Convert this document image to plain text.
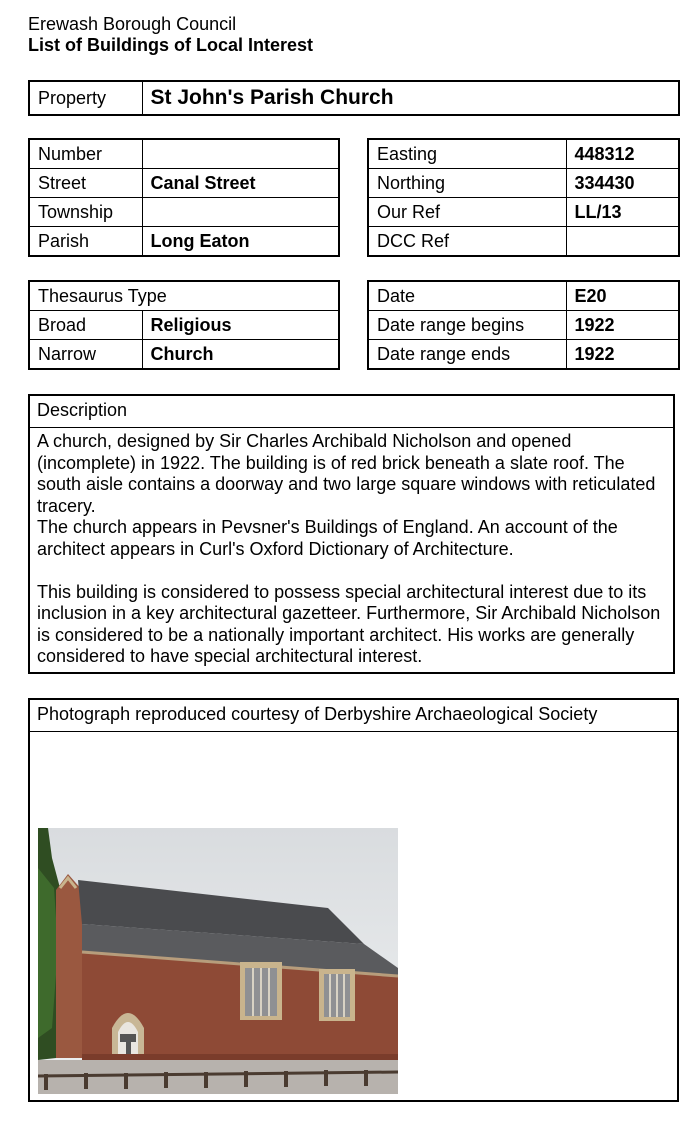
Erewash Borough Council
List of Buildings of Local Interest
Property	St John's Parish Church
Number	
Street	Canal Street
Township	
Parish	Long Eaton
Easting	448312
Northing	334430
Our Ref	LL/13
DCC Ref	
Thesaurus Type	
Broad	Religious
Narrow	Church
Date	E20
Date range begins	1922
Date range ends	1922
Description

A church, designed by Sir Charles Archibald Nicholson and opened (incomplete) in 1922. The building is of red brick beneath a slate roof. The south aisle contains a doorway and two large square windows with reticulated tracery.

The church appears in Pevsner's Buildings of England. An account of the architect appears in Curl's Oxford Dictionary of Architecture.

This building is considered to possess special architectural interest due to its inclusion in a key architectural gazetteer. Furthermore, Sir Archibald Nicholson is considered to be a nationally important architect. His works are generally considered to have special architectural interest.

Photograph reproduced courtesy of Derbyshire Archaeological Society
